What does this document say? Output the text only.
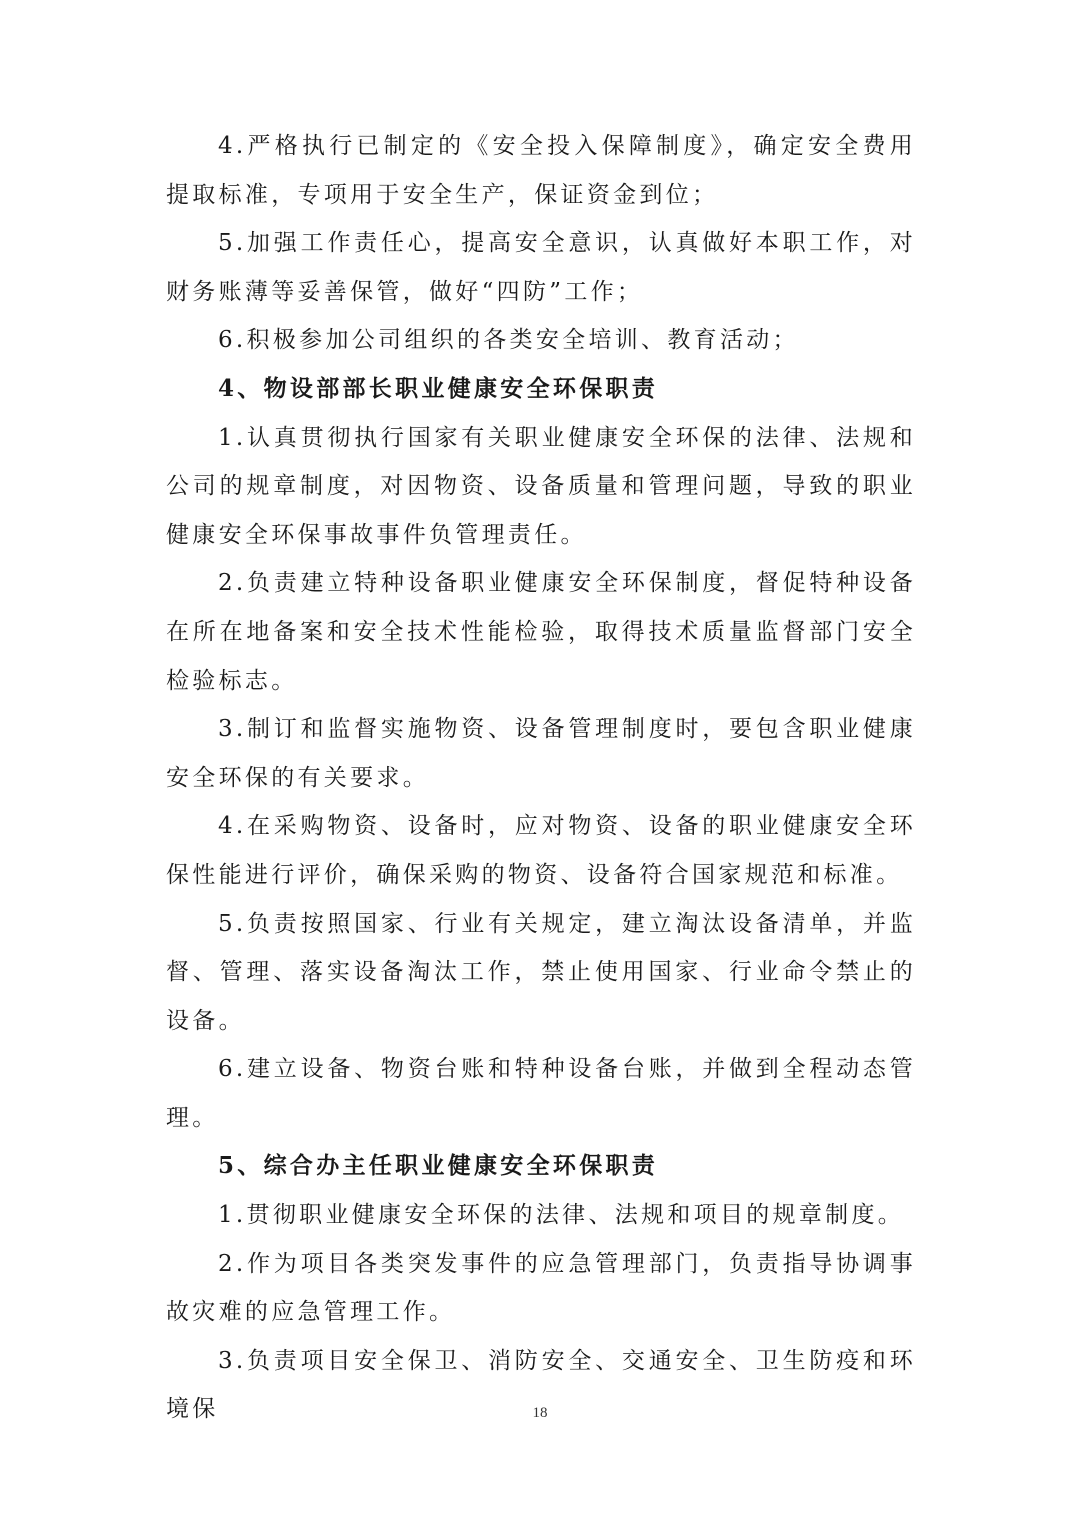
4.严格执行已制定的《安全投入保障制度》，确定安全费用提取标准，专项用于安全生产，保证资金到位；

5.加强工作责任心，提高安全意识，认真做好本职工作，对财务账薄等妥善保管，做好“四防”工作；

6.积极参加公司组织的各类安全培训、教育活动；

4、物设部部长职业健康安全环保职责

1.认真贯彻执行国家有关职业健康安全环保的法律、法规和公司的规章制度，对因物资、设备质量和管理问题，导致的职业健康安全环保事故事件负管理责任。

2.负责建立特种设备职业健康安全环保制度，督促特种设备在所在地备案和安全技术性能检验，取得技术质量监督部门安全检验标志。

3.制订和监督实施物资、设备管理制度时，要包含职业健康安全环保的有关要求。

4.在采购物资、设备时，应对物资、设备的职业健康安全环保性能进行评价，确保采购的物资、设备符合国家规范和标准。

5.负责按照国家、行业有关规定，建立淘汰设备清单，并监督、管理、落实设备淘汰工作，禁止使用国家、行业命令禁止的设备。

6.建立设备、物资台账和特种设备台账，并做到全程动态管理。

5、综合办主任职业健康安全环保职责

1.贯彻职业健康安全环保的法律、法规和项目的规章制度。

2.作为项目各类突发事件的应急管理部门，负责指导协调事故灾难的应急管理工作。

3.负责项目安全保卫、消防安全、交通安全、卫生防疫和环境保	18
